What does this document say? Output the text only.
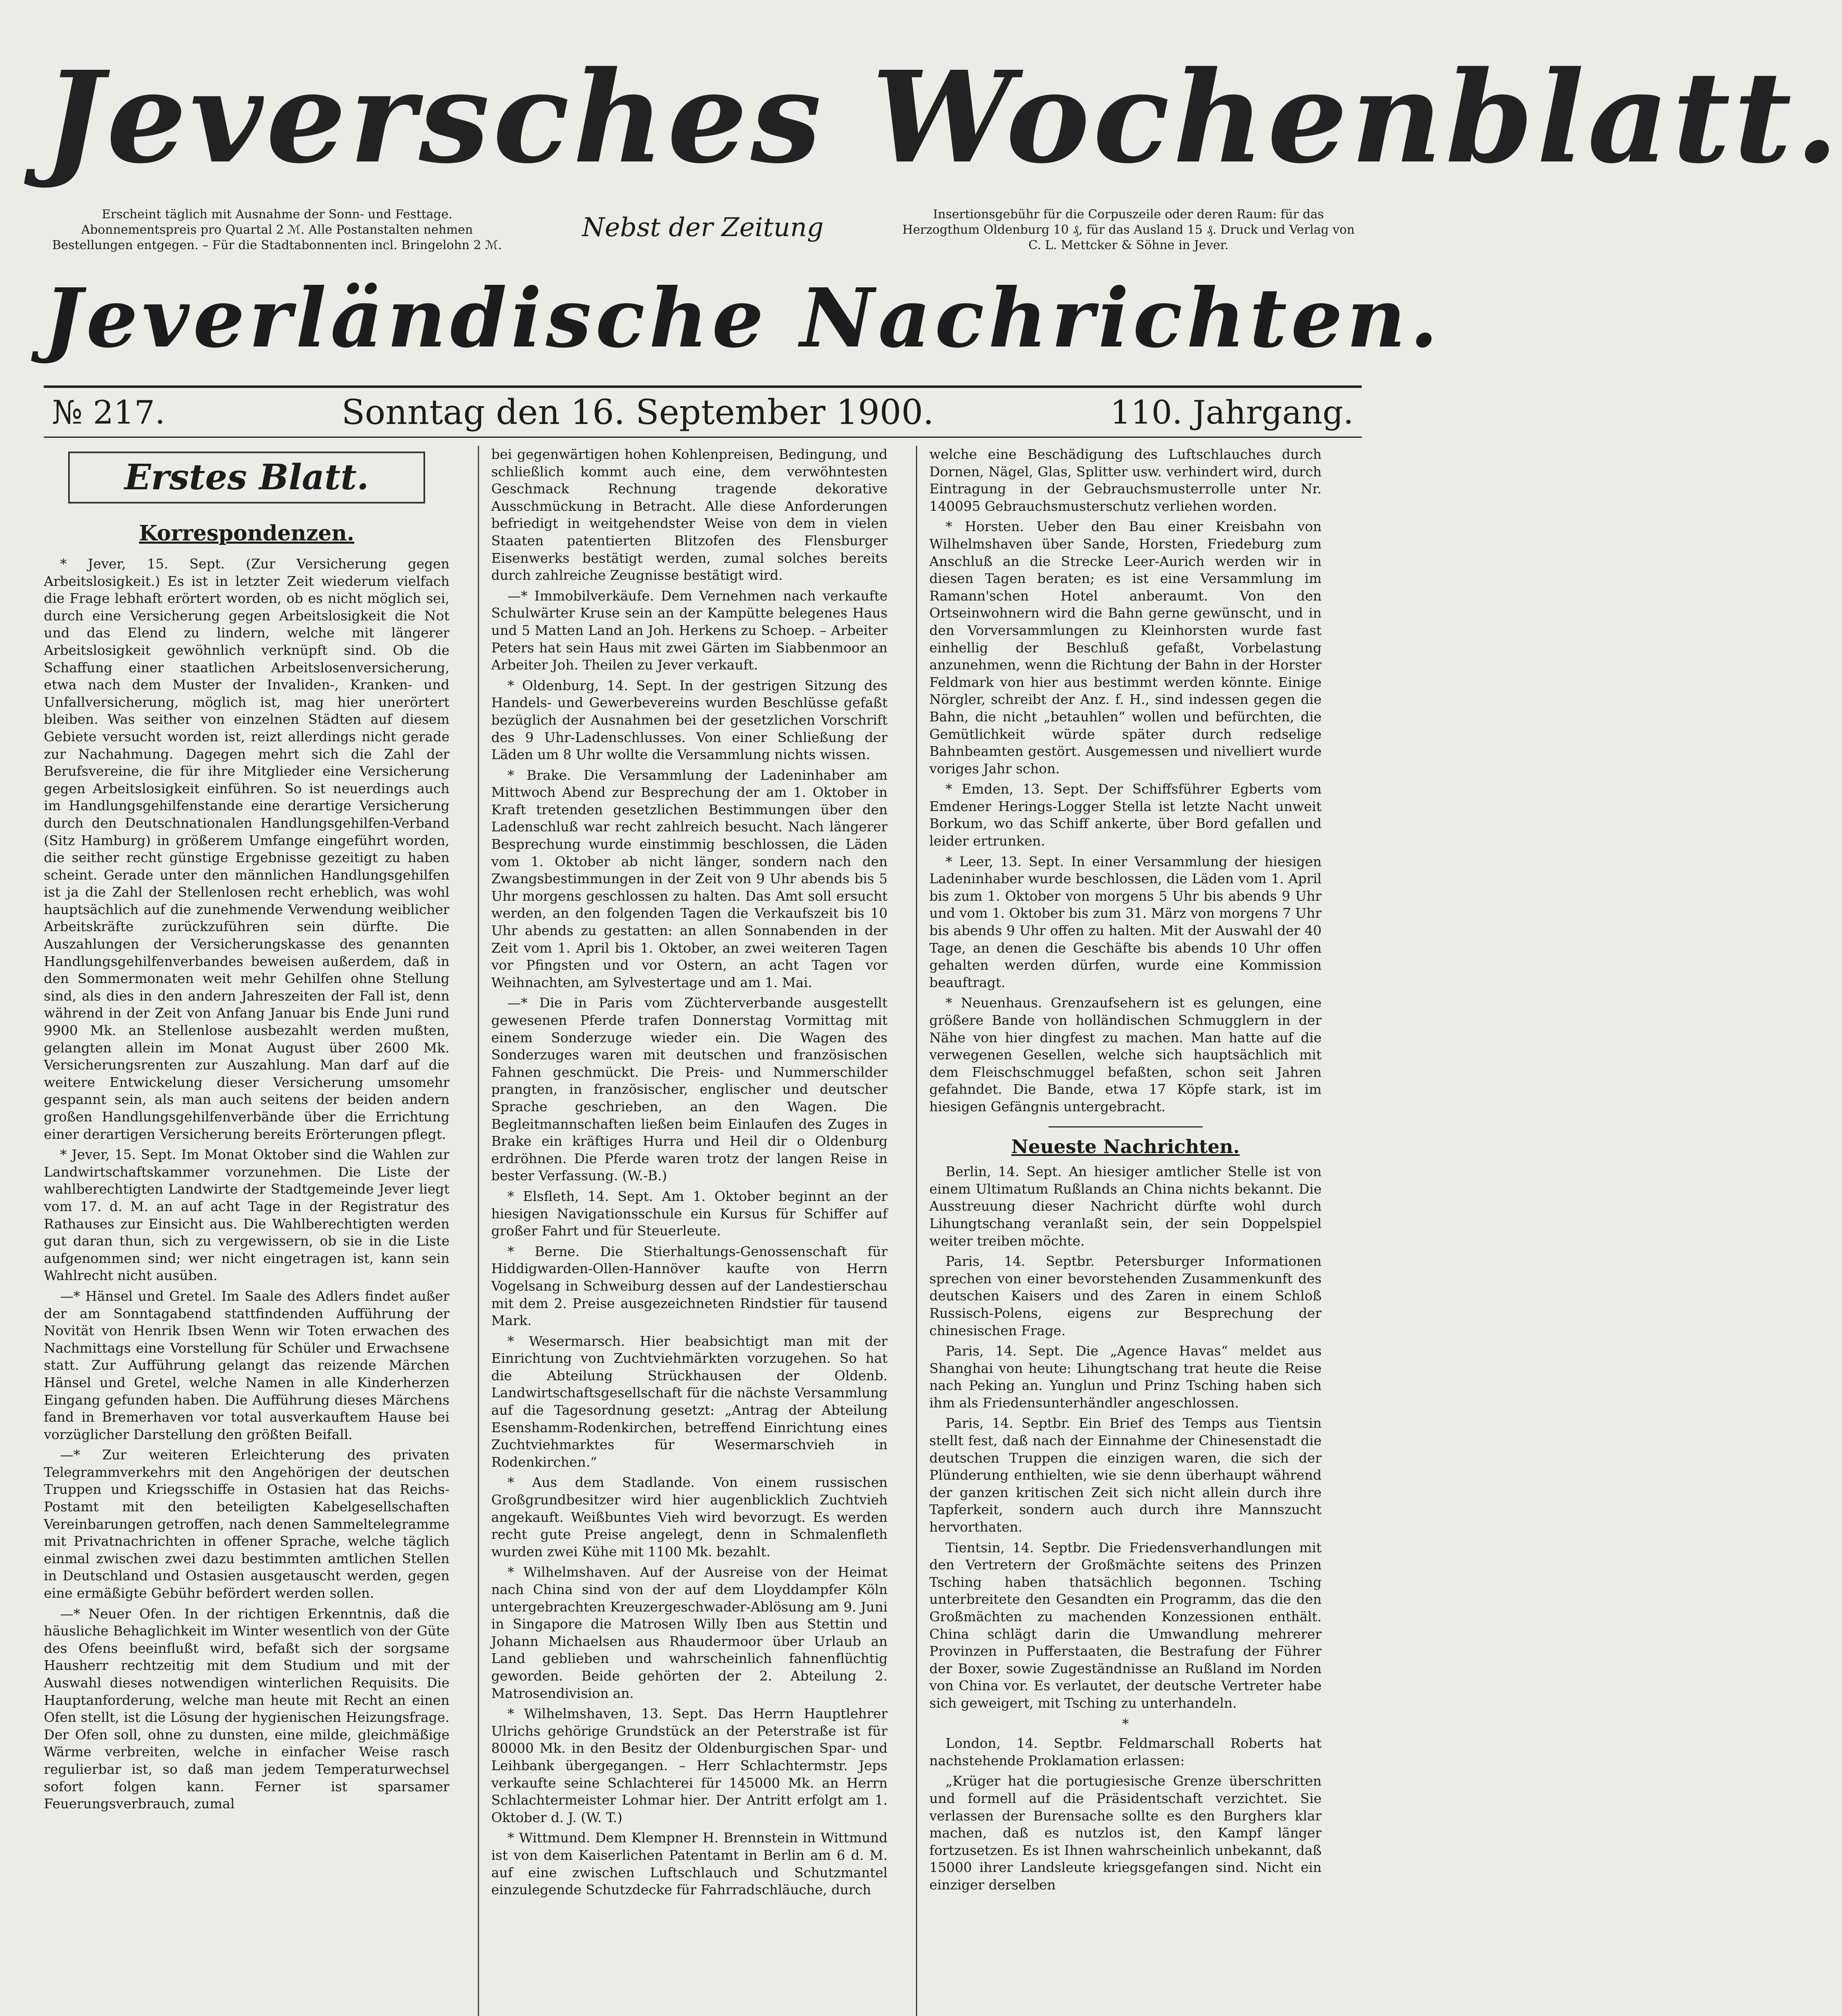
Jeversches Wochenblatt.
Erscheint täglich mit Ausnahme der Sonn- und Festtage. Abonnementspreis pro Quartal 2 ℳ. Alle Postanstalten nehmen Bestellungen entgegen. – Für die Stadtabonnenten incl. Bringelohn 2 ℳ.
Nebst der Zeitung	Insertionsgebühr für die Corpuszeile oder deren Raum: für das Herzogthum Oldenburg 10 ₰, für das Ausland 15 ₰. Druck und Verlag von C. L. Mettcker & Söhne in Jever.
Jeverländische Nachrichten.
№ 217.	Sonntag den 16. September 1900.	110. Jahrgang.
Erstes Blatt.
Korrespondenzen.

* Jever, 15. Sept. (Zur Versicherung gegen Arbeitslosigkeit.) Es ist in letzter Zeit wiederum vielfach die Frage lebhaft erörtert worden, ob es nicht möglich sei, durch eine Versicherung gegen Arbeitslosigkeit die Not und das Elend zu lindern, welche mit längerer Arbeitslosigkeit gewöhnlich verknüpft sind. Ob die Schaffung einer staatlichen Arbeitslosenversicherung, etwa nach dem Muster der Invaliden-, Kranken- und Unfallversicherung, möglich ist, mag hier unerörtert bleiben. Was seither von einzelnen Städten auf diesem Gebiete versucht worden ist, reizt allerdings nicht gerade zur Nachahmung. Dagegen mehrt sich die Zahl der Berufsvereine, die für ihre Mitglieder eine Versicherung gegen Arbeitslosigkeit einführen. So ist neuerdings auch im Handlungsgehilfenstande eine derartige Versicherung durch den Deutschnationalen Handlungsgehilfen-Verband (Sitz Hamburg) in größerem Umfange eingeführt worden, die seither recht günstige Ergebnisse gezeitigt zu haben scheint. Gerade unter den männlichen Handlungsgehilfen ist ja die Zahl der Stellenlosen recht erheblich, was wohl hauptsächlich auf die zunehmende Verwendung weiblicher Arbeitskräfte zurückzuführen sein dürfte. Die Auszahlungen der Versicherungskasse des genannten Handlungsgehilfenverbandes beweisen außerdem, daß in den Sommermonaten weit mehr Gehilfen ohne Stellung sind, als dies in den andern Jahreszeiten der Fall ist, denn während in der Zeit von Anfang Januar bis Ende Juni rund 9900 Mk. an Stellenlose ausbezahlt werden mußten, gelangten allein im Monat August über 2600 Mk. Versicherungsrenten zur Auszahlung. Man darf auf die weitere Entwickelung dieser Versicherung umsomehr gespannt sein, als man auch seitens der beiden andern großen Handlungsgehilfenverbände über die Errichtung einer derartigen Versicherung bereits Erörterungen pflegt.

* Jever, 15. Sept. Im Monat Oktober sind die Wahlen zur Landwirtschaftskammer vorzunehmen. Die Liste der wahlberechtigten Landwirte der Stadtgemeinde Jever liegt vom 17. d. M. an auf acht Tage in der Registratur des Rathauses zur Einsicht aus. Die Wahlberechtigten werden gut daran thun, sich zu vergewissern, ob sie in die Liste aufgenommen sind; wer nicht eingetragen ist, kann sein Wahlrecht nicht ausüben.

—* Hänsel und Gretel. Im Saale des Adlers findet außer der am Sonntagabend stattfindenden Aufführung der Novität von Henrik Ibsen Wenn wir Toten erwachen des Nachmittags eine Vorstellung für Schüler und Erwachsene statt. Zur Aufführung gelangt das reizende Märchen Hänsel und Gretel, welche Namen in alle Kinderherzen Eingang gefunden haben. Die Aufführung dieses Märchens fand in Bremerhaven vor total ausverkauftem Hause bei vorzüglicher Darstellung den größten Beifall.

—* Zur weiteren Erleichterung des privaten Telegrammverkehrs mit den Angehörigen der deutschen Truppen und Kriegsschiffe in Ostasien hat das Reichs-Postamt mit den beteiligten Kabelgesellschaften Vereinbarungen getroffen, nach denen Sammeltelegramme mit Privatnachrichten in offener Sprache, welche täglich einmal zwischen zwei dazu bestimmten amtlichen Stellen in Deutschland und Ostasien ausgetauscht werden, gegen eine ermäßigte Gebühr befördert werden sollen.

—* Neuer Ofen. In der richtigen Erkenntnis, daß die häusliche Behaglichkeit im Winter wesentlich von der Güte des Ofens beeinflußt wird, befaßt sich der sorgsame Hausherr rechtzeitig mit dem Studium und mit der Auswahl dieses notwendigen winterlichen Requisits. Die Hauptanforderung, welche man heute mit Recht an einen Ofen stellt, ist die Lösung der hygienischen Heizungsfrage. Der Ofen soll, ohne zu dunsten, eine milde, gleichmäßige Wärme verbreiten, welche in einfacher Weise rasch regulierbar ist, so daß man jedem Temperaturwechsel sofort folgen kann. Ferner ist sparsamer Feuerungsverbrauch, zumal

bei gegenwärtigen hohen Kohlenpreisen, Bedingung, und schließlich kommt auch eine, dem verwöhntesten Geschmack Rechnung tragende dekorative Ausschmückung in Betracht. Alle diese Anforderungen befriedigt in weitgehendster Weise von dem in vielen Staaten patentierten Blitzofen des Flensburger Eisenwerks bestätigt werden, zumal solches bereits durch zahlreiche Zeugnisse bestätigt wird.

—* Immobilverkäufe. Dem Vernehmen nach verkaufte Schulwärter Kruse sein an der Kampütte belegenes Haus und 5 Matten Land an Joh. Herkens zu Schoep. – Arbeiter Peters hat sein Haus mit zwei Gärten im Siabbenmoor an Arbeiter Joh. Theilen zu Jever verkauft.

* Oldenburg, 14. Sept. In der gestrigen Sitzung des Handels- und Gewerbevereins wurden Beschlüsse gefaßt bezüglich der Ausnahmen bei der gesetzlichen Vorschrift des 9 Uhr-Ladenschlusses. Von einer Schließung der Läden um 8 Uhr wollte die Versammlung nichts wissen.

* Brake. Die Versammlung der Ladeninhaber am Mittwoch Abend zur Besprechung der am 1. Oktober in Kraft tretenden gesetzlichen Bestimmungen über den Ladenschluß war recht zahlreich besucht. Nach längerer Besprechung wurde einstimmig beschlossen, die Läden vom 1. Oktober ab nicht länger, sondern nach den Zwangsbestimmungen in der Zeit von 9 Uhr abends bis 5 Uhr morgens geschlossen zu halten. Das Amt soll ersucht werden, an den folgenden Tagen die Verkaufszeit bis 10 Uhr abends zu gestatten: an allen Sonnabenden in der Zeit vom 1. April bis 1. Oktober, an zwei weiteren Tagen vor Pfingsten und vor Ostern, an acht Tagen vor Weihnachten, am Sylvestertage und am 1. Mai.

—* Die in Paris vom Züchterverbande ausgestellt gewesenen Pferde trafen Donnerstag Vormittag mit einem Sonderzuge wieder ein. Die Wagen des Sonderzuges waren mit deutschen und französischen Fahnen geschmückt. Die Preis- und Nummerschilder prangten, in französischer, englischer und deutscher Sprache geschrieben, an den Wagen. Die Begleitmannschaften ließen beim Einlaufen des Zuges in Brake ein kräftiges Hurra und Heil dir o Oldenburg erdröhnen. Die Pferde waren trotz der langen Reise in bester Verfassung. (W.-B.)

* Elsfleth, 14. Sept. Am 1. Oktober beginnt an der hiesigen Navigationsschule ein Kursus für Schiffer auf großer Fahrt und für Steuerleute.

* Berne. Die Stierhaltungs-Genossenschaft für Hiddigwarden-Ollen-Hannöver kaufte von Herrn Vogelsang in Schweiburg dessen auf der Landestierschau mit dem 2. Preise ausgezeichneten Rindstier für tausend Mark.

* Wesermarsch. Hier beabsichtigt man mit der Einrichtung von Zuchtviehmärkten vorzugehen. So hat die Abteilung Strückhausen der Oldenb. Landwirtschaftsgesellschaft für die nächste Versammlung auf die Tagesordnung gesetzt: „Antrag der Abteilung Esenshamm-Rodenkirchen, betreffend Einrichtung eines Zuchtviehmarktes für Wesermarschvieh in Rodenkirchen.“

* Aus dem Stadlande. Von einem russischen Großgrundbesitzer wird hier augenblicklich Zuchtvieh angekauft. Weißbuntes Vieh wird bevorzugt. Es werden recht gute Preise angelegt, denn in Schmalenfleth wurden zwei Kühe mit 1100 Mk. bezahlt.

* Wilhelmshaven. Auf der Ausreise von der Heimat nach China sind von der auf dem Lloyddampfer Köln untergebrachten Kreuzergeschwader-Ablösung am 9. Juni in Singapore die Matrosen Willy Iben aus Stettin und Johann Michaelsen aus Rhaudermoor über Urlaub an Land geblieben und wahrscheinlich fahnenflüchtig geworden. Beide gehörten der 2. Abteilung 2. Matrosendivision an.

* Wilhelmshaven, 13. Sept. Das Herrn Hauptlehrer Ulrichs gehörige Grundstück an der Peterstraße ist für 80000 Mk. in den Besitz der Oldenburgischen Spar- und Leihbank übergegangen. – Herr Schlachtermstr. Jeps verkaufte seine Schlachterei für 145000 Mk. an Herrn Schlachtermeister Lohmar hier. Der Antritt erfolgt am 1. Oktober d. J. (W. T.)

* Wittmund. Dem Klempner H. Brennstein in Wittmund ist von dem Kaiserlichen Patentamt in Berlin am 6 d. M. auf eine zwischen Luftschlauch und Schutzmantel einzulegende Schutzdecke für Fahrradschläuche, durch

welche eine Beschädigung des Luftschlauches durch Dornen, Nägel, Glas, Splitter usw. verhindert wird, durch Eintragung in der Gebrauchsmusterrolle unter Nr. 140095 Gebrauchsmusterschutz verliehen worden.

* Horsten. Ueber den Bau einer Kreisbahn von Wilhelmshaven über Sande, Horsten, Friedeburg zum Anschluß an die Strecke Leer-Aurich werden wir in diesen Tagen beraten; es ist eine Versammlung im Ramann'schen Hotel anberaumt. Von den Ortseinwohnern wird die Bahn gerne gewünscht, und in den Vorversammlungen zu Kleinhorsten wurde fast einhellig der Beschluß gefaßt, Vorbelastung anzunehmen, wenn die Richtung der Bahn in der Horster Feldmark von hier aus bestimmt werden könnte. Einige Nörgler, schreibt der Anz. f. H., sind indessen gegen die Bahn, die nicht „betauhlen“ wollen und befürchten, die Gemütlichkeit würde später durch redselige Bahnbeamten gestört. Ausgemessen und nivelliert wurde voriges Jahr schon.

* Emden, 13. Sept. Der Schiffsführer Egberts vom Emdener Herings-Logger Stella ist letzte Nacht unweit Borkum, wo das Schiff ankerte, über Bord gefallen und leider ertrunken.

* Leer, 13. Sept. In einer Versammlung der hiesigen Ladeninhaber wurde beschlossen, die Läden vom 1. April bis zum 1. Oktober von morgens 5 Uhr bis abends 9 Uhr und vom 1. Oktober bis zum 31. März von morgens 7 Uhr bis abends 9 Uhr offen zu halten. Mit der Auswahl der 40 Tage, an denen die Geschäfte bis abends 10 Uhr offen gehalten werden dürfen, wurde eine Kommission beauftragt.

* Neuenhaus. Grenzaufsehern ist es gelungen, eine größere Bande von holländischen Schmugglern in der Nähe von hier dingfest zu machen. Man hatte auf die verwegenen Gesellen, welche sich hauptsächlich mit dem Fleischschmuggel befaßten, schon seit Jahren gefahndet. Die Bande, etwa 17 Köpfe stark, ist im hiesigen Gefängnis untergebracht.

Neueste Nachrichten.

Berlin, 14. Sept. An hiesiger amtlicher Stelle ist von einem Ultimatum Rußlands an China nichts bekannt. Die Ausstreuung dieser Nachricht dürfte wohl durch Lihungtschang veranlaßt sein, der sein Doppelspiel weiter treiben möchte.

Paris, 14. Septbr. Petersburger Informationen sprechen von einer bevorstehenden Zusammenkunft des deutschen Kaisers und des Zaren in einem Schloß Russisch-Polens, eigens zur Besprechung der chinesischen Frage.

Paris, 14. Sept. Die „Agence Havas“ meldet aus Shanghai von heute: Lihungtschang trat heute die Reise nach Peking an. Yunglun und Prinz Tsching haben sich ihm als Friedensunterhändler angeschlossen.

Paris, 14. Septbr. Ein Brief des Temps aus Tientsin stellt fest, daß nach der Einnahme der Chinesenstadt die deutschen Truppen die einzigen waren, die sich der Plünderung enthielten, wie sie denn überhaupt während der ganzen kritischen Zeit sich nicht allein durch ihre Tapferkeit, sondern auch durch ihre Mannszucht hervorthaten.

Tientsin, 14. Septbr. Die Friedensverhandlungen mit den Vertretern der Großmächte seitens des Prinzen Tsching haben thatsächlich begonnen. Tsching unterbreitete den Gesandten ein Programm, das die den Großmächten zu machenden Konzessionen enthält. China schlägt darin die Umwandlung mehrerer Provinzen in Pufferstaaten, die Bestrafung der Führer der Boxer, sowie Zugeständnisse an Rußland im Norden von China vor. Es verlautet, der deutsche Vertreter habe sich geweigert, mit Tsching zu unterhandeln.

*

London, 14. Septbr. Feldmarschall Roberts hat nachstehende Proklamation erlassen:

„Krüger hat die portugiesische Grenze überschritten und formell auf die Präsidentschaft verzichtet. Sie verlassen der Burensache sollte es den Burghers klar machen, daß es nutzlos ist, den Kampf länger fortzusetzen. Es ist Ihnen wahrscheinlich unbekannt, daß 15000 ihrer Landsleute kriegsgefangen sind. Nicht ein einziger derselben
